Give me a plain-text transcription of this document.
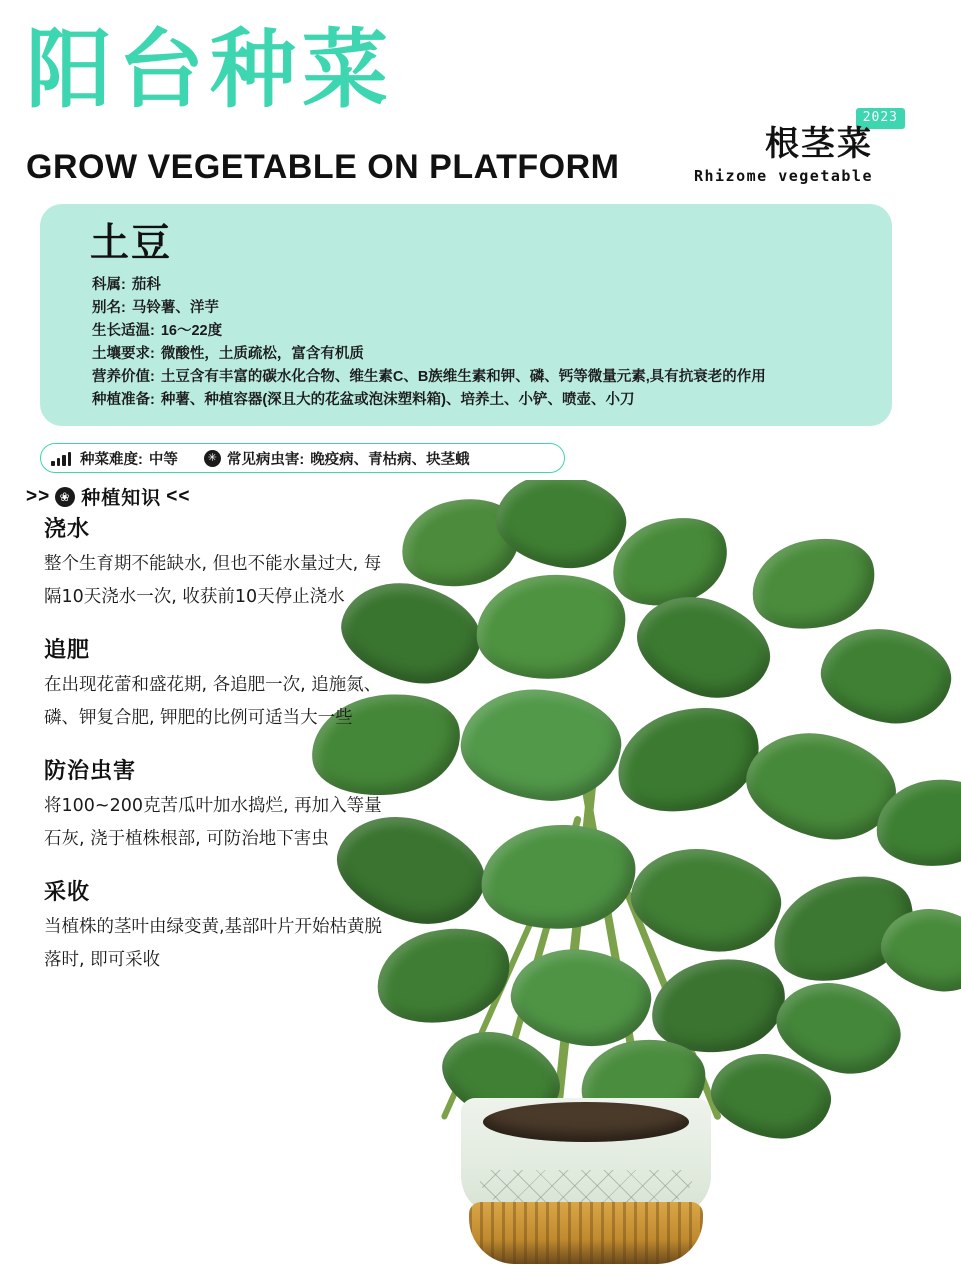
阳台种菜
GROW VEGETABLE ON PLATFORM
2023
根茎菜
Rhizome vegetable
土豆
科属: 茄科
别名: 马铃薯、洋芋
生长适温: 16～22度
土壤要求: 微酸性，土质疏松，富含有机质
营养价值: 土豆含有丰富的碳水化合物、维生素C、B族维生素和钾、磷、钙等微量元素,具有抗衰老的作用
种植准备: 种薯、种植容器(深且大的花盆或泡沫塑料箱)、培养土、小铲、喷壶、小刀
种菜难度: 中等	✳ 常见病虫害: 晚疫病、青枯病、块茎蛾
>> ❀ 种植知识 <<
浇水
整个生育期不能缺水, 但也不能水量过大, 每隔10天浇水一次, 收获前10天停止浇水
追肥
在出现花蕾和盛花期, 各追肥一次, 追施氮、磷、钾复合肥, 钾肥的比例可适当大一些
防治虫害
将100~200克苦瓜叶加水捣烂, 再加入等量石灰, 浇于植株根部, 可防治地下害虫
采收
当植株的茎叶由绿变黄,基部叶片开始枯黄脱落时, 即可采收
